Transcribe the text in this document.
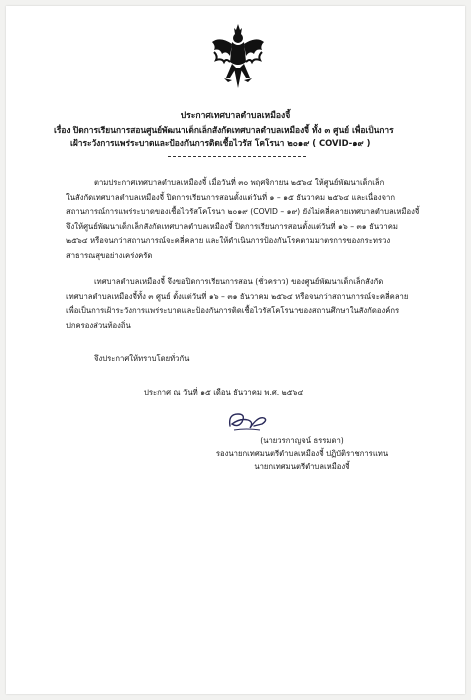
ประกาศเทศบาลตำบลเหมืองจี้
เรื่อง ปิดการเรียนการสอนศูนย์พัฒนาเด็กเล็กสังกัดเทศบาลตำบลเหมืองจี้ ทั้ง ๓ ศูนย์ เพื่อเป็นการ
เฝ้าระวังการแพร่ระบาดและป้องกันการติดเชื้อไวรัส โคโรนา ๒๐๑๙ ( COVID-๑๙ )
ตามประกาศเทศบาลตำบลเหมืองจี้ เมื่อวันที่ ๓๐ พฤศจิกายน ๒๕๖๔ ให้ศูนย์พัฒนาเด็กเล็ก
ในสังกัดเทศบาลตำบลเหมืองจี้ ปิดการเรียนการสอนตั้งแต่วันที่ ๑ – ๑๕ ธันวาคม ๒๕๖๔ และเนื่องจาก
สถานการณ์การแพร่ระบาดของเชื้อไวรัสโคโรนา ๒๐๑๙ (COVID – ๑๙) ยังไม่คลี่คลายเทศบาลตำบลเหมืองจี้
จึงให้ศูนย์พัฒนาเด็กเล็กสังกัดเทศบาลตำบลเหมืองจี้ ปิดการเรียนการสอนตั้งแต่วันที่ ๑๖ – ๓๑ ธันวาคม
๒๕๖๔ หรือจนกว่าสถานการณ์จะคลี่คลาย และให้ดำเนินการป้องกันโรคตามมาตรการของกระทรวง
สาธารณสุขอย่างเคร่งครัด
เทศบาลตำบลเหมืองจี้ จึงขอปิดการเรียนการสอน (ชั่วคราว) ของศูนย์พัฒนาเด็กเล็กสังกัด
เทศบาลตำบลเหมืองจี้ทั้ง ๓ ศูนย์ ตั้งแต่วันที่ ๑๖ – ๓๑ ธันวาคม ๒๕๖๔ หรือจนกว่าสถานการณ์จะคลี่คลาย
เพื่อเป็นการเฝ้าระวังการแพร่ระบาดและป้องกันการติดเชื้อไวรัสโคโรนาของสถานศึกษาในสังกัดองค์กร
ปกครองส่วนท้องถิ่น
จึงประกาศให้ทราบโดยทั่วกัน
ประกาศ ณ วันที่ ๑๕ เดือน ธันวาคม พ.ศ. ๒๕๖๔
(นายวรกาญจน์ ธรรมดา)
รองนายกเทศมนตรีตำบลเหมืองจี้ ปฏิบัติราชการแทน
นายกเทศมนตรีตำบลเหมืองจี้
